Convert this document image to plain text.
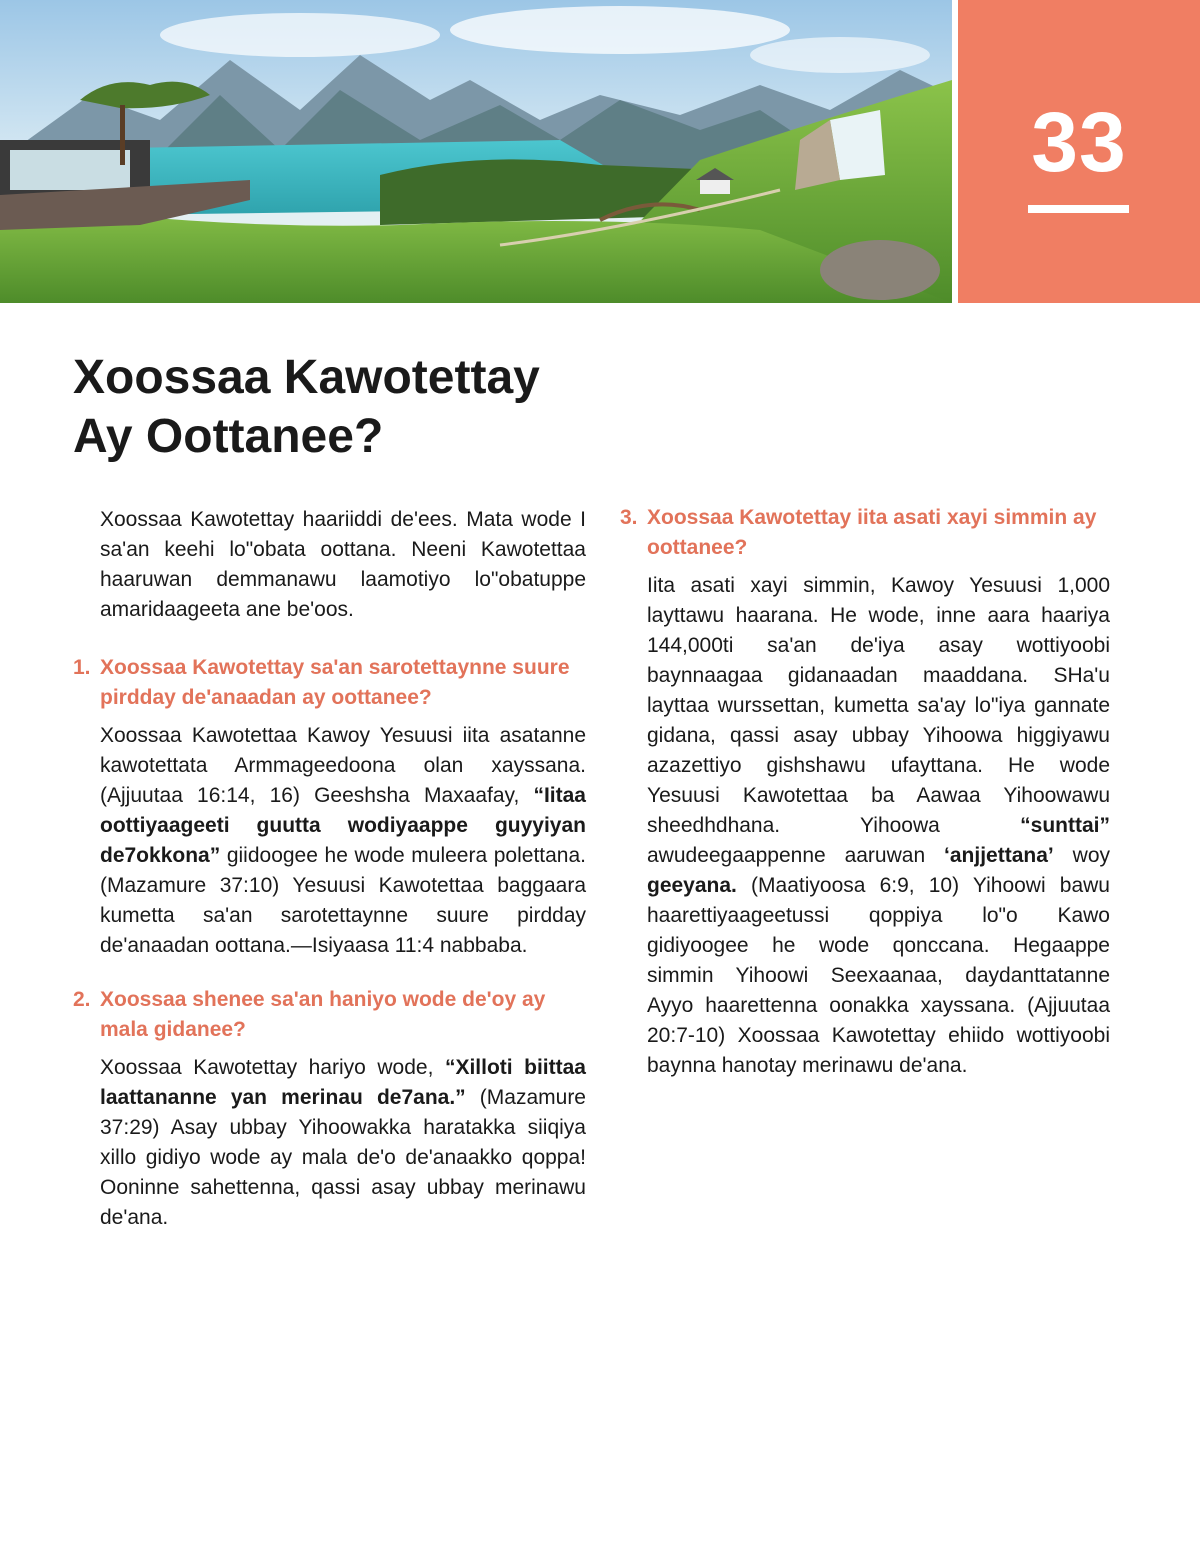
33
Xoossaa Kawotettay
Ay Oottanee?

Xoossaa Kawotettay haariiddi de'ees. Mata wode I sa'an keehi lo"obata oottana. Neeni Kawotettaa haaruwan demmanawu laamotiyo lo"obatuppe amaridaageeta ane be'oos.

1. Xoossaa Kawotettay sa'an sarotettaynne suure pirdday de'anaadan ay oottanee?

Xoossaa Kawotettaa Kawoy Yesuusi iita asatanne kawotettata Armmageedoona olan xayssana. (Ajjuutaa 16:14, 16) Geeshsha Maxaafay, “Iitaa oottiyaageeti guutta wodiyaappe guyyiyan de7okkona” giidoogee he wode muleera polettana. (Mazamure 37:10) Yesuusi Kawotettaa baggaara kumetta sa'an sarotettaynne suure pirdday de'anaadan oottana.—Isiyaasa 11:4 nabbaba.

2. Xoossaa shenee sa'an haniyo wode de'oy ay mala gidanee?

Xoossaa Kawotettay hariyo wode, “Xilloti biittaa laattananne yan merinau de7ana.” (Mazamure 37:29) Asay ubbay Yihoowakka haratakka siiqiya xillo gidiyo wode ay mala de'o de'anaakko qoppa! Ooninne sahettenna, qassi asay ubbay merinawu de'ana.

3. Xoossaa Kawotettay iita asati xayi simmin ay oottanee?

Iita asati xayi simmin, Kawoy Yesuusi 1,000 layttawu haarana. He wode, inne aara haariya 144,000ti sa'an de'iya asay wottiyoobi baynnaagaa gidanaadan maaddana. SHa'u layttaa wurssettan, kumetta sa'ay lo"iya gannate gidana, qassi asay ubbay Yihoowa higgiyawu azazettiyo gishshawu ufayttana. He wode Yesuusi Kawotettaa ba Aawaa Yihoowawu sheedhdhana. Yihoowa “sunttai” awudeegaappenne aaruwan ‘anjjettana’ woy geeyana. (Maatiyoosa 6:9, 10) Yihoowi bawu haarettiyaageetussi qoppiya lo"o Kawo gidiyoogee he wode qonccana. Hegaappe simmin Yihoowi Seexaanaa, daydanttatanne Ayyo haarettenna oonakka xayssana. (Ajjuutaa 20:7-10) Xoossaa Kawotettay ehiido wottiyoobi baynna hanotay merinawu de'ana.
